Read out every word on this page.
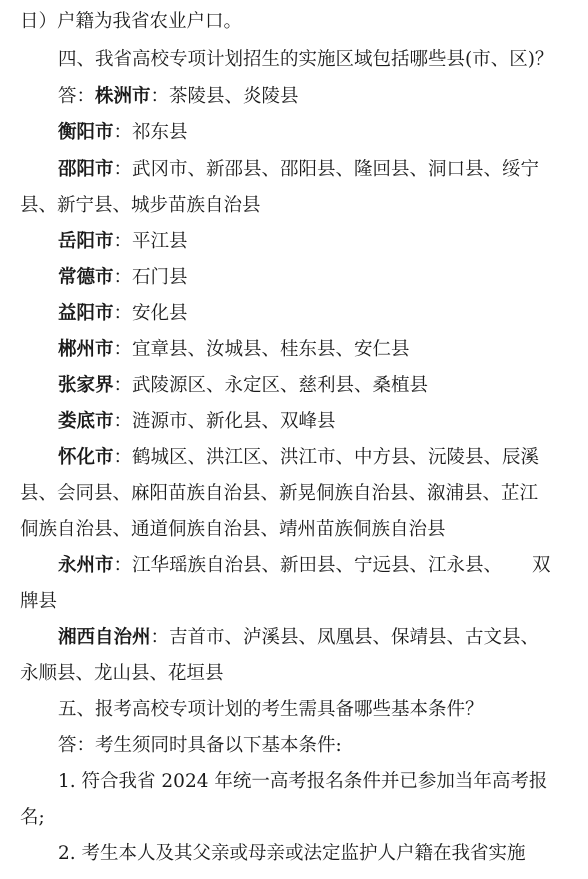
日）户籍为我省农业户口。
四、我省高校专项计划招生的实施区域包括哪些县(市、区)？
答：株洲市：茶陵县、炎陵县
衡阳市：祁东县
邵阳市：武冈市、新邵县、邵阳县、隆回县、洞口县、绥宁
县、新宁县、城步苗族自治县
岳阳市：平江县
常德市：石门县
益阳市：安化县
郴州市：宜章县、汝城县、桂东县、安仁县
张家界：武陵源区、永定区、慈利县、桑植县
娄底市：涟源市、新化县、双峰县
怀化市：鹤城区、洪江区、洪江市、中方县、沅陵县、辰溪
县、会同县、麻阳苗族自治县、新晃侗族自治县、溆浦县、芷江
侗族自治县、通道侗族自治县、靖州苗族侗族自治县
永州市：江华瑶族自治县、新田县、宁远县、江永县、 双
牌县
湘西自治州：吉首市、泸溪县、凤凰县、保靖县、古文县、
永顺县、龙山县、花垣县
五、报考高校专项计划的考生需具备哪些基本条件？
答：考生须同时具备以下基本条件:
1. 符合我省 2024 年统一高考报名条件并已参加当年高考报
名;
2. 考生本人及其父亲或母亲或法定监护人户籍在我省实施
